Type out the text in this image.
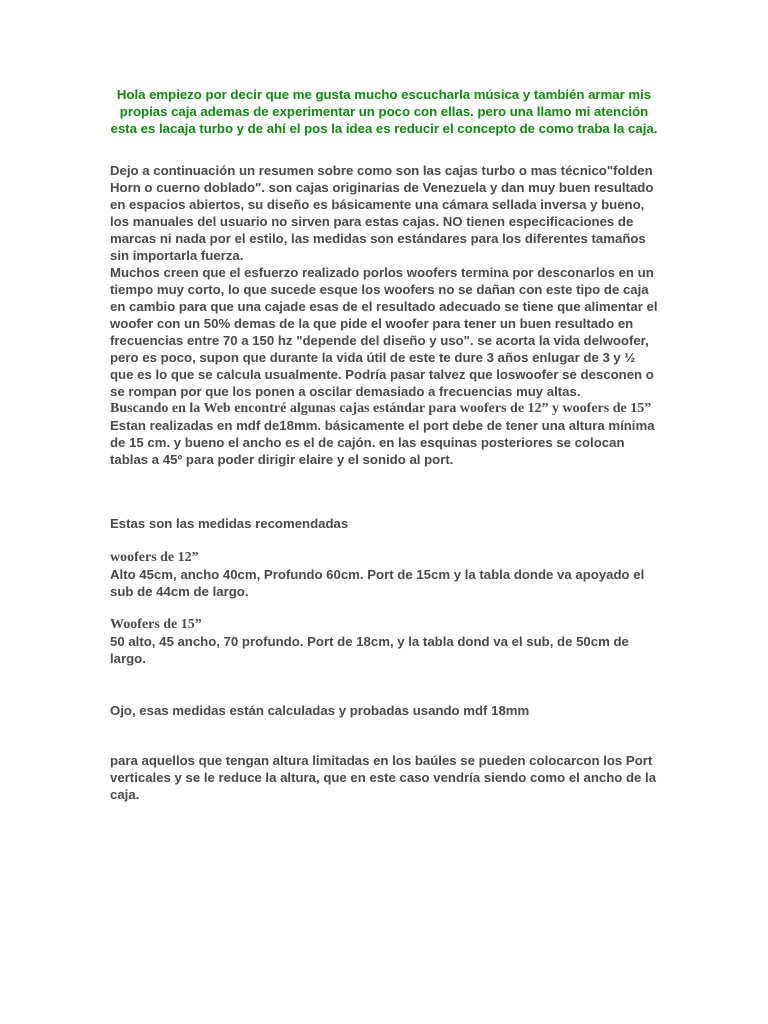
Hola empiezo por decir que me gusta mucho escucharla música y también armar mis propias caja ademas de experimentar un poco con ellas. pero una llamo mi atención esta es lacaja turbo y de ahí el pos la idea es reducir el concepto de como traba la caja.

Dejo a continuación un resumen sobre como son las cajas turbo o mas técnico"folden Horn o cuerno doblado". son cajas originarias de Venezuela y dan muy buen resultado en espacios abiertos, su diseño es básicamente una cámara sellada inversa y bueno, los manuales del usuario no sirven para estas cajas. NO tienen especificaciones de marcas ni nada por el estilo, las medidas son estándares para los diferentes tamaños sin importarla fuerza.

Muchos creen que el esfuerzo realizado porlos woofers termina por desconarlos en un tiempo muy corto, lo que sucede esque los woofers no se dañan con este tipo de caja en cambio para que una cajade esas de el resultado adecuado se tiene que alimentar el woofer con un 50% demas de la que pide el woofer para tener un buen resultado en frecuencias entre 70 a 150 hz "depende del diseño y uso". se acorta la vida delwoofer, pero es poco, supon que durante la vida útil de este te dure 3 años enlugar de 3 y ½ que es lo que se calcula usualmente. Podría pasar talvez que loswoofer se desconen o se rompan por que los ponen a oscilar demasiado a frecuencias muy altas.

Buscando en la Web encontré algunas cajas estándar para woofers de 12” y woofers de 15”

Estan realizadas en mdf de18mm. básicamente el port debe de tener una altura mínima de 15 cm. y bueno el ancho es el de cajón. en las esquinas posteriores se colocan tablas a 45º para poder dirigir elaire y el sonido al port.

Estas son las medidas recomendadas

woofers de 12”

Alto 45cm, ancho 40cm, Profundo 60cm. Port de 15cm y la tabla donde va apoyado el sub de 44cm de largo.

Woofers de 15”

50 alto, 45 ancho, 70 profundo. Port de 18cm, y la tabla dond va el sub, de 50cm de largo.

Ojo, esas medidas están calculadas y probadas usando mdf 18mm
para aquellos que tengan altura limitadas en los baúles se pueden colocarcon los Port verticales y se le reduce la altura, que en este caso vendría siendo como el ancho de la caja.
